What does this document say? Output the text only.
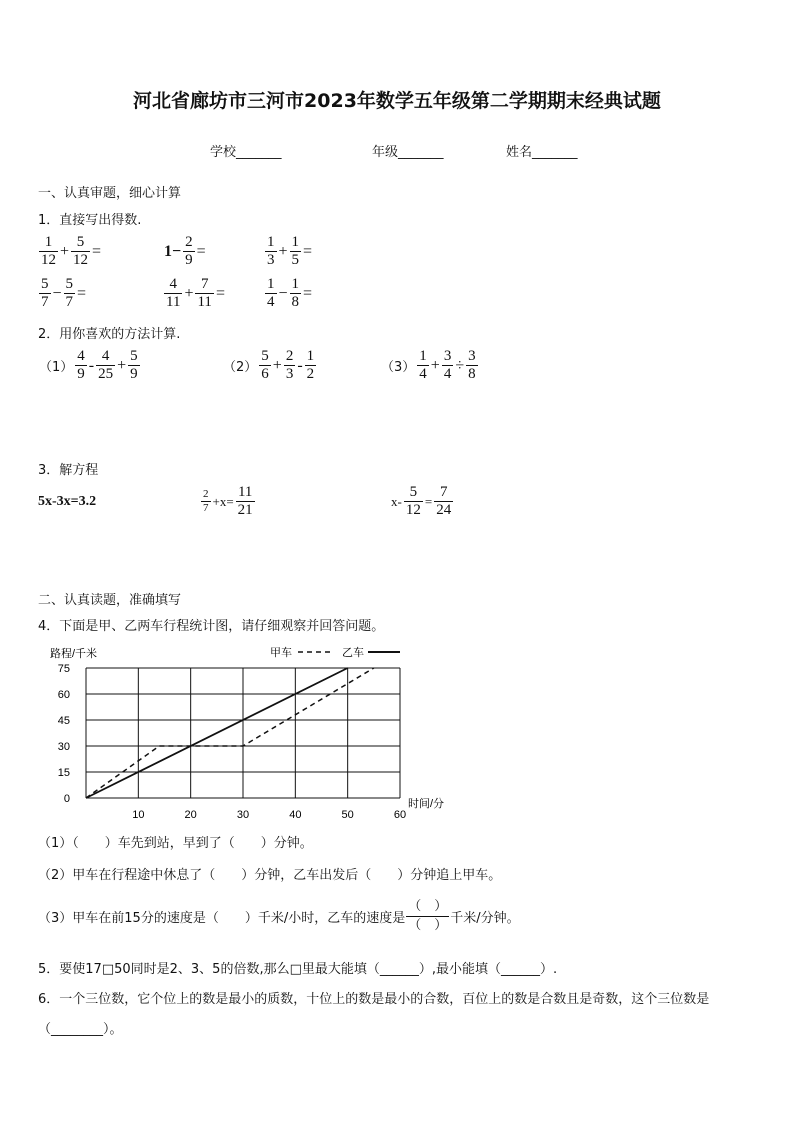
河北省廊坊市三河市2023年数学五年级第二学期期末经典试题
学校_______	年级_______	姓名_______
一、认真审题，细心计算
1．直接写出得数.
$\frac{1}{12} + \frac{5}{12}$ =	$1- \frac{2}{9}$ =	$\frac{1}{3} + \frac{1}{5}$ =
$\frac{5}{7} - \frac{5}{7}$ =	$\frac{4}{11} + \frac{7}{11}$ =	$\frac{1}{4} - \frac{1}{8}$ =
2．用你喜欢的方法计算.
$(1) \frac{4}{9} - \frac{4}{25} + \frac{5}{9}$	$(2) \frac{5}{6} + \frac{2}{3} - \frac{1}{2}$	$(3) \frac{1}{4} + \frac{3}{4} \div \frac{3}{8}$
3．解方程
5x-3x=3.2	$\frac{2}{7} +x= \frac{11}{21}$	$x- \frac{5}{12} = \frac{7}{24}$
二、认真读题，准确填写
4．下面是甲、乙两车行程统计图，请仔细观察并回答问题。
0
15
30
45
60
75
10	20	30	40	50	60
路程/千米
时间/分
甲车	乙车
（1）（　　）车先到站，早到了（　　）分钟。
（2）甲车在行程途中休息了（　　）分钟，乙车出发后（　　）分钟追上甲车。
（3）甲车在前15分的速度是（　　）千米/小时，乙车的速度是 $\frac{( )}{( )}$ 千米/分钟。
5．要使17□50同时是2、3、5的倍数,那么□里最大能填（______）,最小能填（______）.
6．一个三位数，它个位上的数是最小的质数，十位上的数是最小的合数，百位上的数是合数且是奇数，这个三位数是
（________）。
